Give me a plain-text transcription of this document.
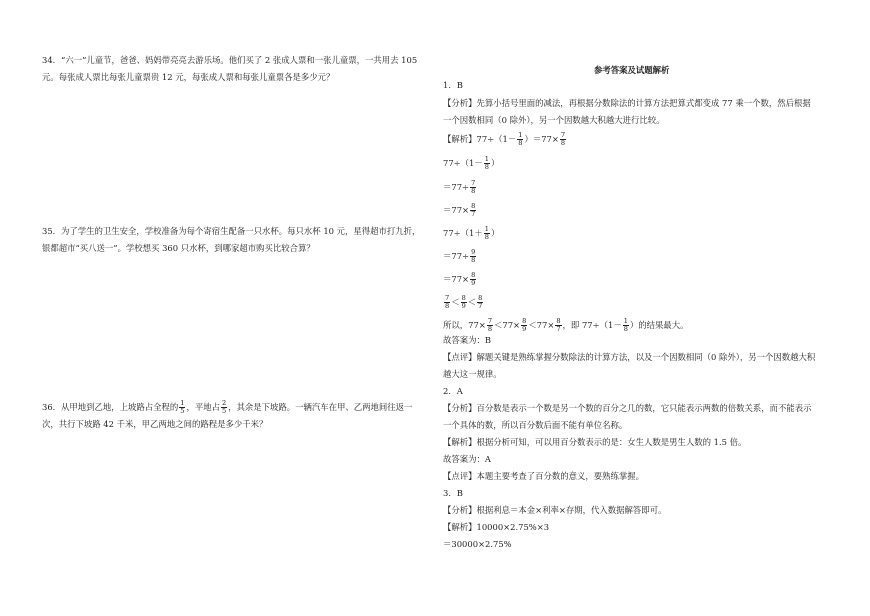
34．“六一”儿童节，爸爸、妈妈带亮亮去游乐场。他们买了 2 张成人票和一张儿童票，一共用去 105
元。每张成人票比每张儿童票贵 12 元，每张成人票和每张儿童票各是多少元？
35．为了学生的卫生安全，学校准备为每个寄宿生配备一只水杯。每只水杯 10 元，星得超市打九折，
银都超市“买八送一”。学校想买 360 只水杯，到哪家超市购买比较合算？
36．从甲地到乙地，上坡路占全程的 $\frac{1}{5}$ ，平地占 $\frac{2}{5}$ ，其余是下坡路。一辆汽车在甲、乙两地间往返一
次，共行下坡路 42 千米，甲乙两地之间的路程是多少千米？
参考答案及试题解析
1．B
【分析】先算小括号里面的减法，再根据分数除法的计算方法把算式都变成 77 乘一个数，然后根据
一个因数相同（0 除外），另一个因数越大积越大进行比较。
【解析】$77\div(1- \frac{1}{8} )=77\times \frac{7}{8}$
$77\div(1- \frac{1}{8}$ ）
$=77\div \frac{7}{8}$
$=77\times \frac{8}{7}$
$77\div(1+ \frac{1}{8}$ ）
$=77\div \frac{9}{8}$
$=77\times \frac{8}{9}$
$\frac{7}{8} < \frac{8}{9} < \frac{8}{7}$
所以，$77\times \frac{7}{8} <77\times \frac{8}{9} <77\times \frac{8}{7}$ ，即 $77\div(1- \frac{1}{8}$ ）的结果最大。
故答案为：B
【点评】解题关键是熟练掌握分数除法的计算方法，以及一个因数相同（0 除外），另一个因数越大积
越大这一规律。
2．A
【分析】百分数是表示一个数是另一个数的百分之几的数，它只能表示两数的倍数关系，而不能表示
一个具体的数，所以百分数后面不能有单位名称。
【解析】根据分析可知，可以用百分数表示的是：女生人数是男生人数的 1.5 倍。
故答案为：A
【点评】本题主要考查了百分数的意义，要熟练掌握。
3．B
【分析】根据利息＝本金×利率×存期，代入数据解答即可。
【解析】10000×2.75%×3
＝30000×2.75%
